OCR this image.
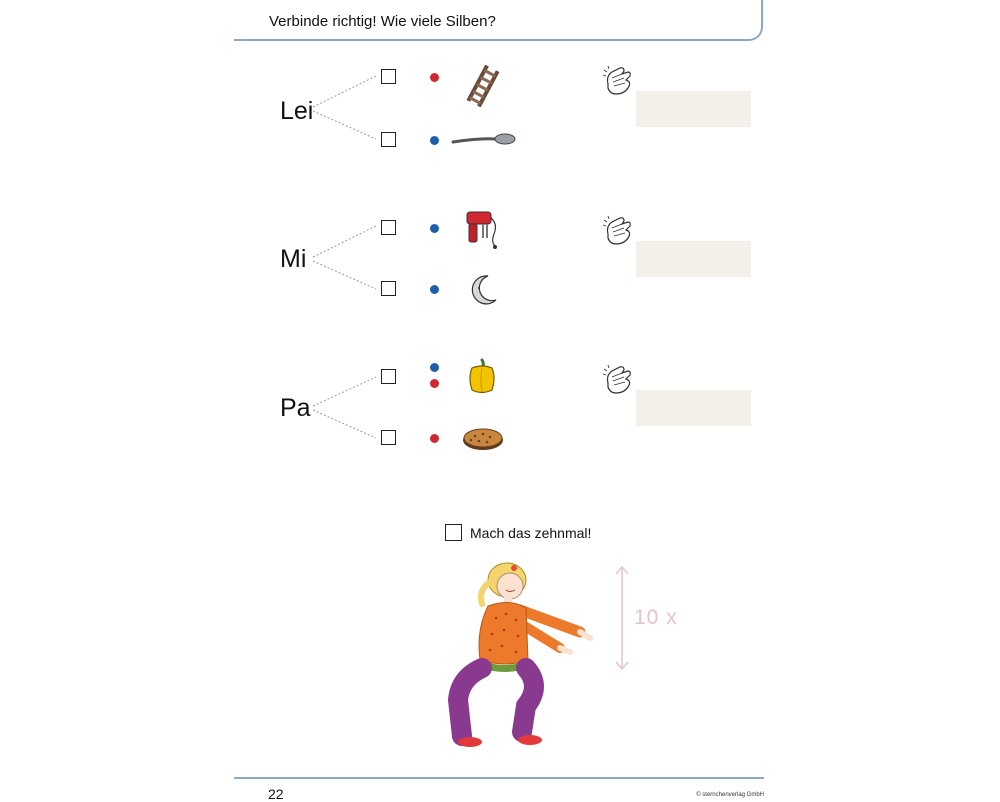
Verbinde richtig! Wie viele Silben?
Lei
Mi
Pa
Mach das zehnmal!
10 x
22	© sternchenverlag GmbH
